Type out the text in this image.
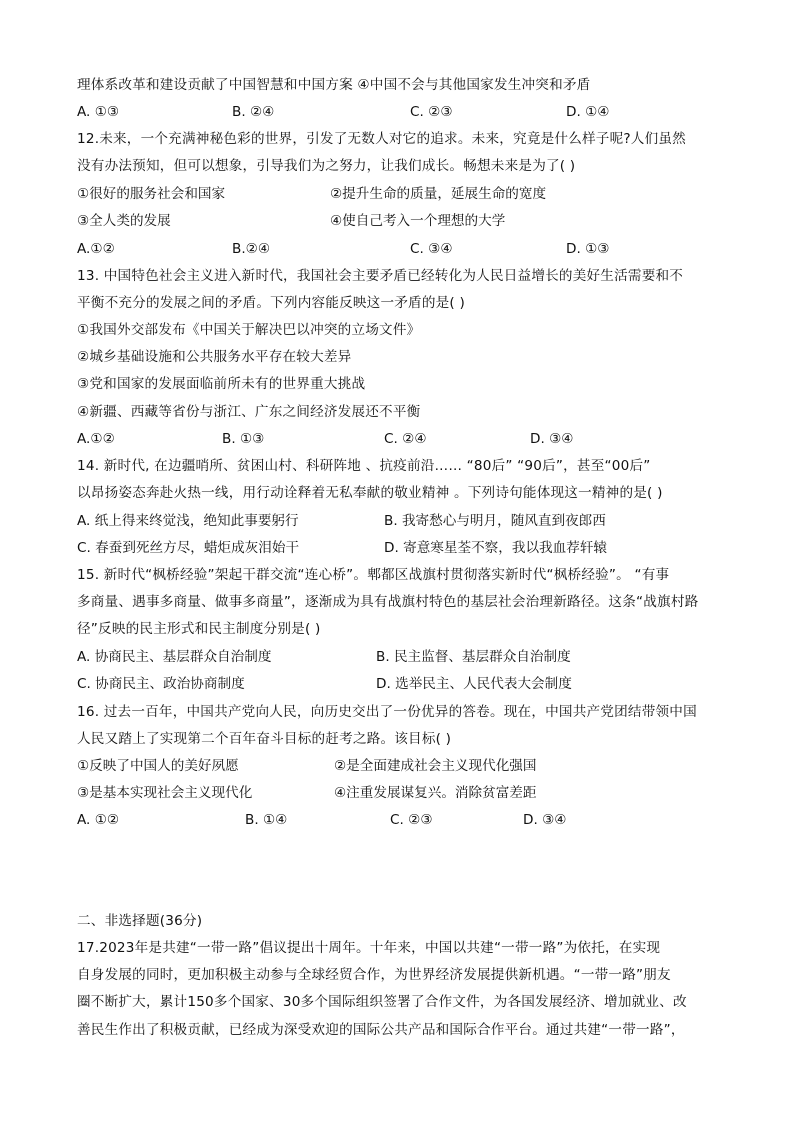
理体系改革和建设贡献了中国智慧和中国方案 ④中国不会与其他国家发生冲突和矛盾
A. ①③	B. ②④	C. ②③	D. ①④
12.未来，一个充满神秘色彩的世界，引发了无数人对它的追求。未来，究竟是什么样子呢?人们虽然
没有办法预知，但可以想象，引导我们为之努力，让我们成长。畅想未来是为了( )
①很好的服务社会和国家	②提升生命的质量，延展生命的宽度
③全人类的发展	④使自己考入一个理想的大学
A.①②	B.②④	C. ③④	D. ①③
13. 中国特色社会主义进入新时代，我国社会主要矛盾已经转化为人民日益增长的美好生活需要和不
平衡不充分的发展之间的矛盾。下列内容能反映这一矛盾的是( )
①我国外交部发布《中国关于解决巴以冲突的立场文件》
②城乡基础设施和公共服务水平存在较大差异
③党和国家的发展面临前所未有的世界重大挑战
④新疆、西藏等省份与浙江、广东之间经济发展还不平衡
A.①②	B. ①③	C. ②④	D. ③④
14. 新时代, 在边疆哨所、贫困山村、科研阵地 、抗疫前沿…… “80后” “90后”，甚至“00后”
以昂扬姿态奔赴火热一线，用行动诠释着无私奉献的敬业精神 。下列诗句能体现这一精神的是( )
A. 纸上得来终觉浅，绝知此事要躬行	B. 我寄愁心与明月，随风直到夜郎西
C. 春蚕到死丝方尽，蜡炬成灰泪始干	D. 寄意寒星荃不察，我以我血荐轩辕
15. 新时代“枫桥经验”架起干群交流“连心桥”。郫都区战旗村贯彻落实新时代“枫桥经验”。 “有事
多商量、遇事多商量、做事多商量”，逐渐成为具有战旗村特色的基层社会治理新路径。这条“战旗村路
径”反映的民主形式和民主制度分别是( )
A. 协商民主、基层群众自治制度	B. 民主监督、基层群众自治制度
C. 协商民主、政治协商制度	D. 选举民主、人民代表大会制度
16. 过去一百年，中国共产党向人民，向历史交出了一份优异的答卷。现在，中国共产党团结带领中国
人民又踏上了实现第二个百年奋斗目标的赶考之路。该目标( )
①反映了中国人的美好夙愿	②是全面建成社会主义现代化强国
③是基本实现社会主义现代化	④注重发展谋复兴。消除贫富差距
A. ①②	B. ①④	C. ②③	D. ③④
二、非选择题(36分)
17.2023年是共建“一带一路”倡议提出十周年。十年来，中国以共建“一带一路”为依托，在实现
自身发展的同时，更加积极主动参与全球经贸合作，为世界经济发展提供新机遇。“一带一路”朋友
圈不断扩大，累计150多个国家、30多个国际组织签署了合作文件，为各国发展经济、增加就业、改
善民生作出了积极贡献，已经成为深受欢迎的国际公共产品和国际合作平台。通过共建“一带一路”，
